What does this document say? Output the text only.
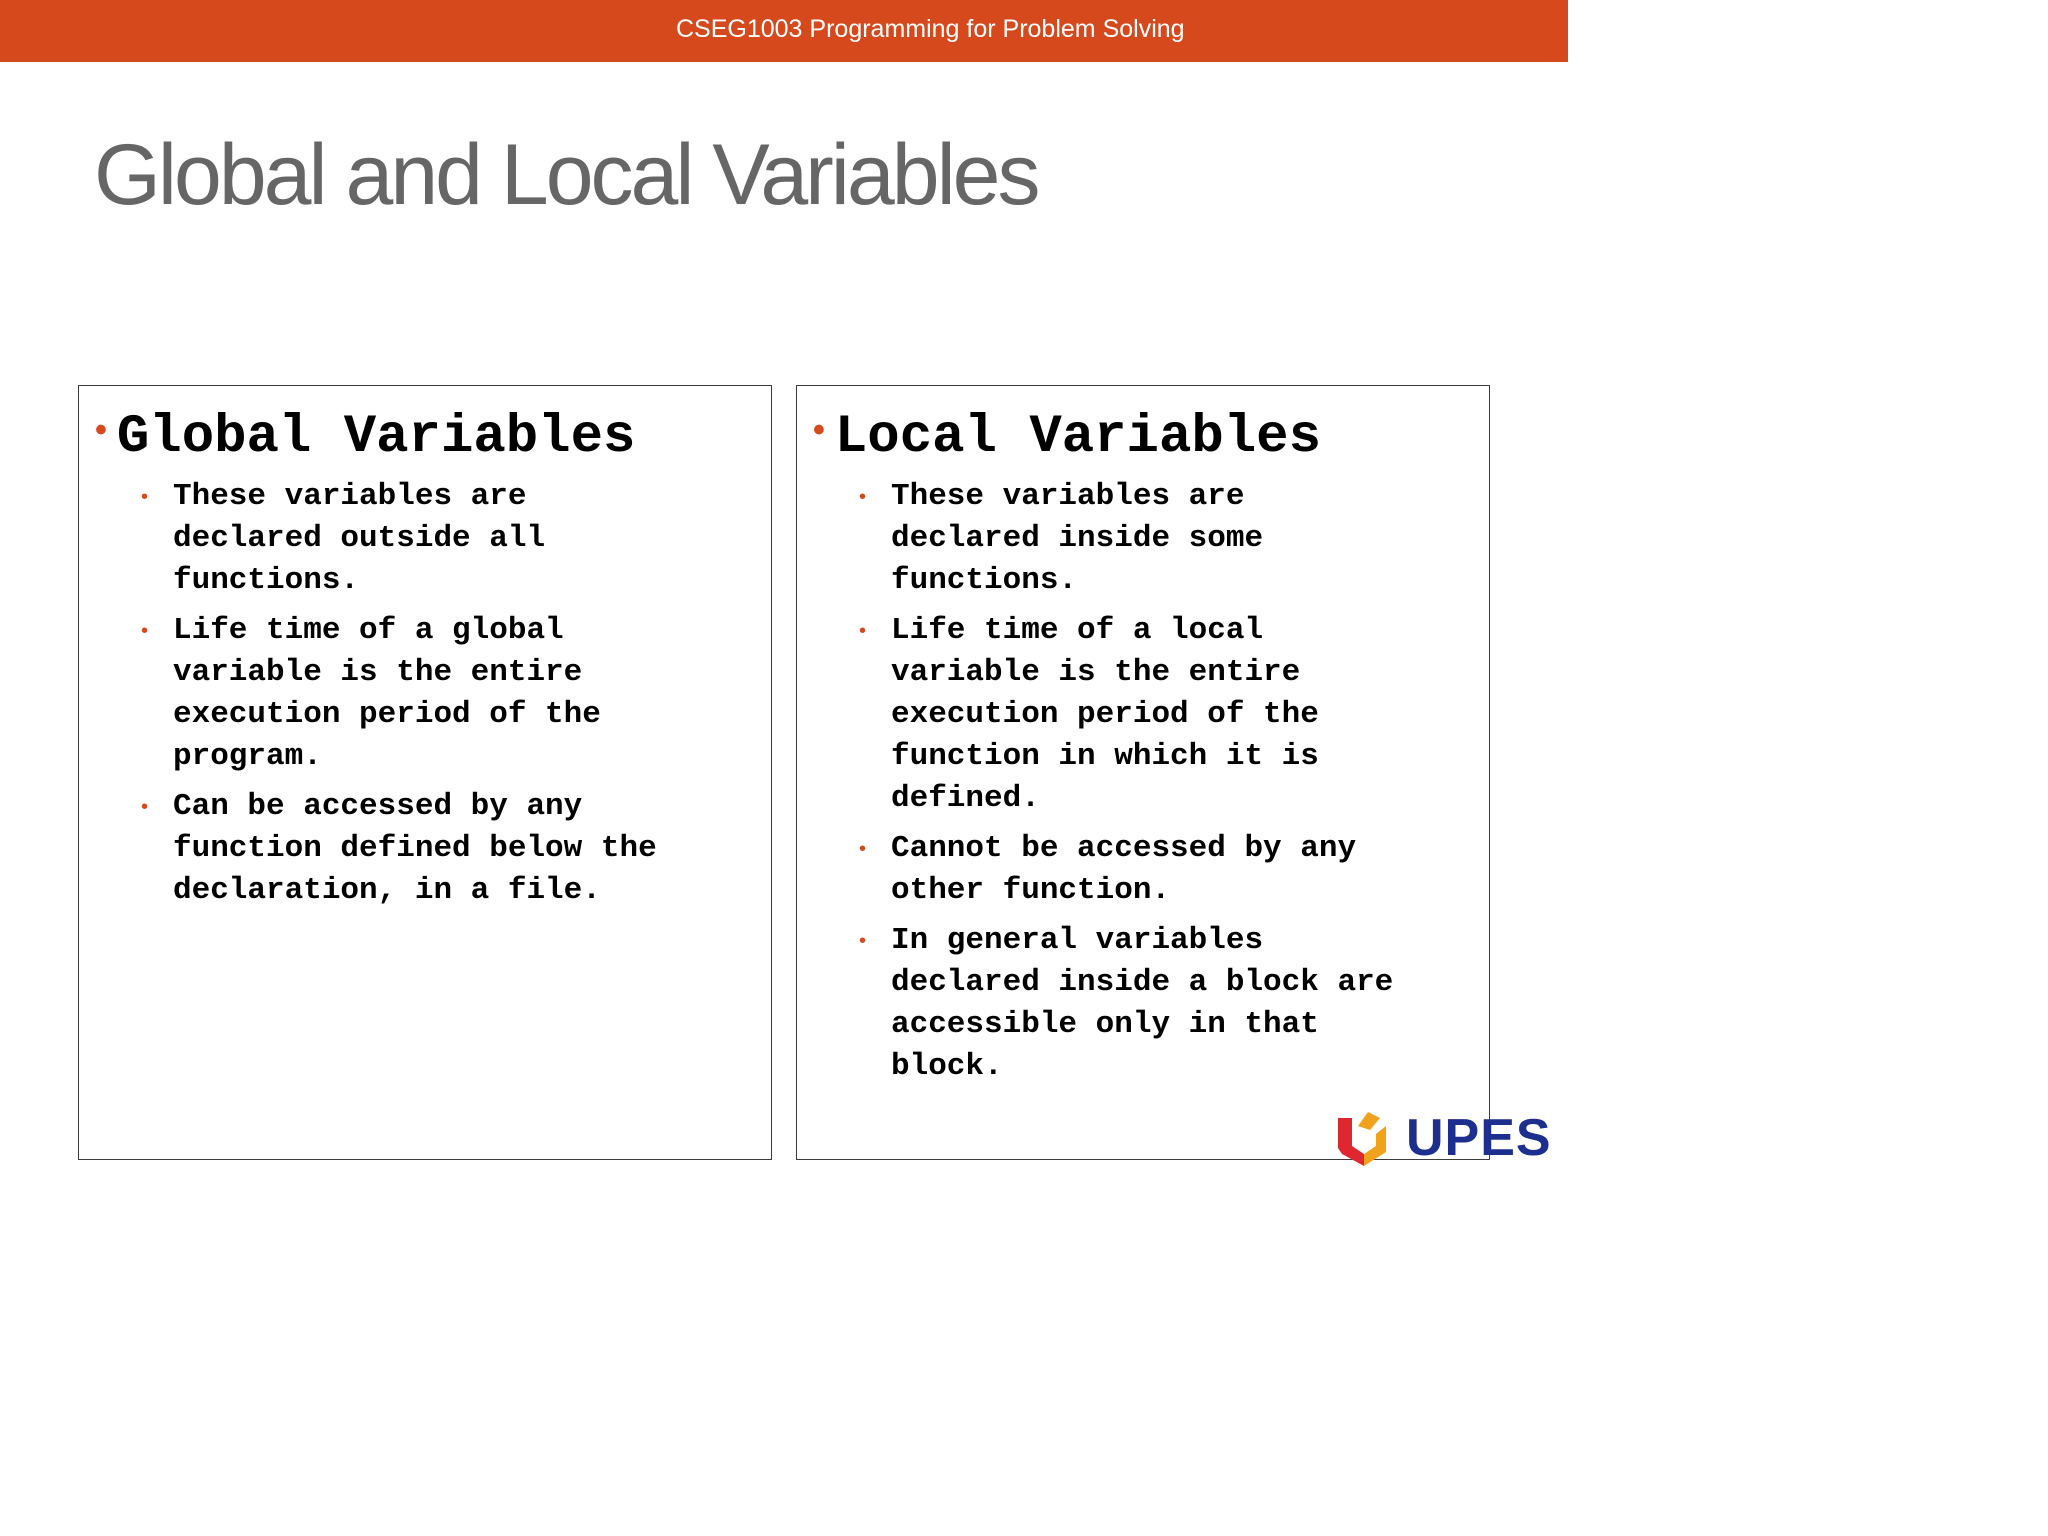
CSEG1003 Programming for Problem Solving
Global and Local Variables
• Global Variables
• These variables are
declared outside all
functions.
• Life time of a global
variable is the entire
execution period of the
program.
• Can be accessed by any
function defined below the
declaration, in a file.
• Local Variables
• These variables are
declared inside some
functions.
• Life time of a local
variable is the entire
execution period of the
function in which it is
defined.
• Cannot be accessed by any
other function.
• In general variables
declared inside a block are
accessible only in that
block.
UPES
